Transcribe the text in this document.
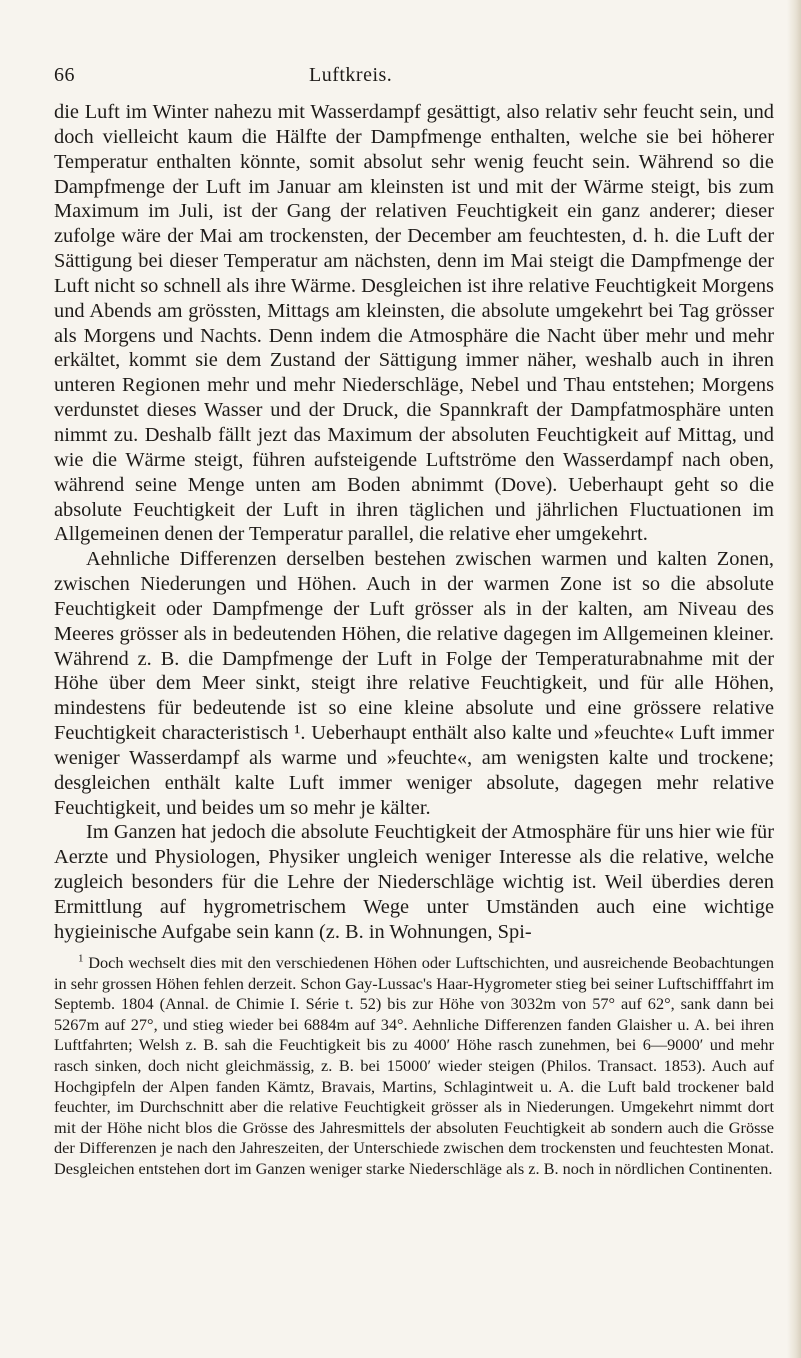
66	Luftkreis.

die Luft im Winter nahezu mit Wasserdampf gesättigt, also relativ sehr feucht sein, und doch vielleicht kaum die Hälfte der Dampfmenge enthalten, welche sie bei höherer Temperatur enthalten könnte, somit absolut sehr wenig feucht sein. Während so die Dampfmenge der Luft im Januar am kleinsten ist und mit der Wärme steigt, bis zum Maximum im Juli, ist der Gang der relativen Feuchtigkeit ein ganz anderer; dieser zufolge wäre der Mai am trockensten, der December am feuchtesten, d. h. die Luft der Sättigung bei dieser Temperatur am nächsten, denn im Mai steigt die Dampfmenge der Luft nicht so schnell als ihre Wärme. Desgleichen ist ihre relative Feuchtigkeit Morgens und Abends am grössten, Mittags am kleinsten, die absolute umgekehrt bei Tag grösser als Morgens und Nachts. Denn indem die Atmosphäre die Nacht über mehr und mehr erkältet, kommt sie dem Zustand der Sättigung immer näher, weshalb auch in ihren unteren Regionen mehr und mehr Niederschläge, Nebel und Thau entstehen; Morgens verdunstet dieses Wasser und der Druck, die Spannkraft der Dampfatmosphäre unten nimmt zu. Deshalb fällt jezt das Maximum der absoluten Feuchtigkeit auf Mittag, und wie die Wärme steigt, führen aufsteigende Luftströme den Wasserdampf nach oben, während seine Menge unten am Boden abnimmt (Dove). Ueberhaupt geht so die absolute Feuchtigkeit der Luft in ihren täglichen und jährlichen Fluctuationen im Allgemeinen denen der Temperatur parallel, die relative eher umgekehrt.

Aehnliche Differenzen derselben bestehen zwischen warmen und kalten Zonen, zwischen Niederungen und Höhen. Auch in der warmen Zone ist so die absolute Feuchtigkeit oder Dampfmenge der Luft grösser als in der kalten, am Niveau des Meeres grösser als in bedeutenden Höhen, die relative dagegen im Allgemeinen kleiner. Während z. B. die Dampfmenge der Luft in Folge der Temperaturabnahme mit der Höhe über dem Meer sinkt, steigt ihre relative Feuchtigkeit, und für alle Höhen, mindestens für bedeutende ist so eine kleine absolute und eine grössere relative Feuchtigkeit characteristisch ¹. Ueberhaupt enthält also kalte und »feuchte« Luft immer weniger Wasserdampf als warme und »feuchte«, am wenigsten kalte und trockene; desgleichen enthält kalte Luft immer weniger absolute, dagegen mehr relative Feuchtigkeit, und beides um so mehr je kälter.

Im Ganzen hat jedoch die absolute Feuchtigkeit der Atmosphäre für uns hier wie für Aerzte und Physiologen, Physiker ungleich weniger Interesse als die relative, welche zugleich besonders für die Lehre der Niederschläge wichtig ist. Weil überdies deren Ermittlung auf hygrometrischem Wege unter Umständen auch eine wichtige hygieinische Aufgabe sein kann (z. B. in Wohnungen, Spi-

$^1$ Doch wechselt dies mit den verschiedenen Höhen oder Luftschichten, und ausreichende Beobachtungen in sehr grossen Höhen fehlen derzeit. Schon Gay-Lussac's Haar-Hygrometer stieg bei seiner Luftschifffahrt im Septemb. 1804 (Annal. de Chimie I. Série t. 52) bis zur Höhe von 3032m von 57° auf 62°, sank dann bei 5267m auf 27°, und stieg wieder bei 6884m auf 34°. Aehnliche Differenzen fanden Glaisher u. A. bei ihren Luftfahrten; Welsh z. B. sah die Feuchtigkeit bis zu 4000′ Höhe rasch zunehmen, bei 6—9000′ und mehr rasch sinken, doch nicht gleichmässig, z. B. bei 15000′ wieder steigen (Philos. Transact. 1853). Auch auf Hochgipfeln der Alpen fanden Kämtz, Bravais, Martins, Schlagintweit u. A. die Luft bald trockener bald feuchter, im Durchschnitt aber die relative Feuchtigkeit grösser als in Niederungen. Umgekehrt nimmt dort mit der Höhe nicht blos die Grösse des Jahresmittels der absoluten Feuchtigkeit ab sondern auch die Grösse der Differenzen je nach den Jahreszeiten, der Unterschiede zwischen dem trockensten und feuchtesten Monat. Desgleichen entstehen dort im Ganzen weniger starke Niederschläge als z. B. noch in nördlichen Continenten.
